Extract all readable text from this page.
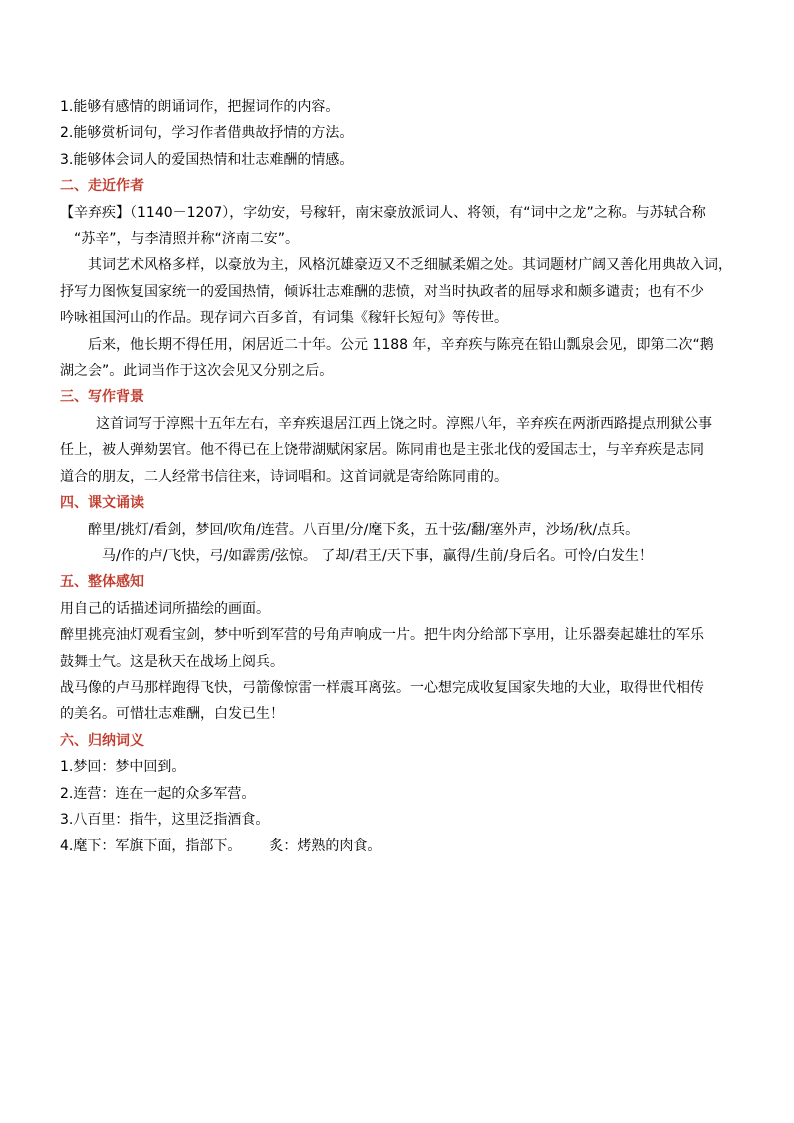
1.能够有感情的朗诵词作，把握词作的内容。
2.能够赏析词句，学习作者借典故抒情的方法。
3.能够体会词人的爱国热情和壮志难酬的情感。
二、走近作者
【辛弃疾】（1140－1207），字幼安，号稼轩，南宋豪放派词人、将领，有“词中之龙”之称。与苏轼合称
“苏辛”，与李清照并称“济南二安”。
其词艺术风格多样，以豪放为主，风格沉雄豪迈又不乏细腻柔媚之处。其词题材广阔又善化用典故入词，
抒写力图恢复国家统一的爱国热情，倾诉壮志难酬的悲愤，对当时执政者的屈辱求和颇多谴责；也有不少
吟咏祖国河山的作品。现存词六百多首，有词集《稼轩长短句》等传世。
后来，他长期不得任用，闲居近二十年。公元 1188 年，辛弃疾与陈亮在铅山瓢泉会见，即第二次“鹅
湖之会”。此词当作于这次会见又分别之后。
三、写作背景
这首词写于淳熙十五年左右，辛弃疾退居江西上饶之时。淳熙八年，辛弃疾在两浙西路提点刑狱公事
任上，被人弹劾罢官。他不得已在上饶带湖赋闲家居。陈同甫也是主张北伐的爱国志士，与辛弃疾是志同
道合的朋友，二人经常书信往来，诗词唱和。这首词就是寄给陈同甫的。
四、课文诵读
醉里/挑灯/看剑，梦回/吹角/连营。八百里/分/麾下炙，五十弦/翻/塞外声，沙场/秋/点兵。
马/作的卢/飞快，弓/如霹雳/弦惊。 了却/君王/天下事，赢得/生前/身后名。可怜/白发生！
五、整体感知
用自己的话描述词所描绘的画面。
醉里挑亮油灯观看宝剑，梦中听到军营的号角声响成一片。把牛肉分给部下享用，让乐器奏起雄壮的军乐
鼓舞士气。这是秋天在战场上阅兵。
战马像的卢马那样跑得飞快，弓箭像惊雷一样震耳离弦。一心想完成收复国家失地的大业，取得世代相传
的美名。可惜壮志难酬，白发已生！
六、归纳词义
1.梦回：梦中回到。
2.连营：连在一起的众多军营。
3.八百里：指牛，这里泛指酒食。
4.麾下：军旗下面，指部下。 炙：烤熟的肉食。
